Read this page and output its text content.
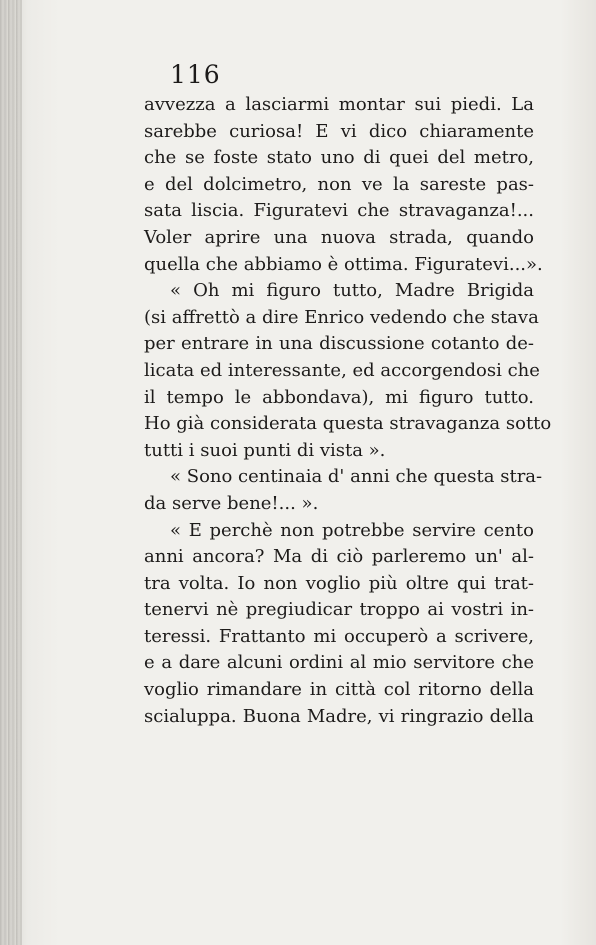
116
avvezza a lasciarmi montar sui piedi. La
sarebbe curiosa! E vi dico chiaramente
che se foste stato uno di quei del metro,
e del dolcimetro, non ve la sareste pas-
sata liscia. Figuratevi che stravaganza!...
Voler aprire una nuova strada, quando
quella che abbiamo è ottima. Figuratevi...».
« Oh mi figuro tutto, Madre Brigida
(si affrettò a dire Enrico vedendo che stava
per entrare in una discussione cotanto de-
licata ed interessante, ed accorgendosi che
il tempo le abbondava), mi figuro tutto.
Ho già considerata questa stravaganza sotto
tutti i suoi punti di vista ».
« Sono centinaia d' anni che questa stra-
da serve bene!... ».
« E perchè non potrebbe servire cento
anni ancora? Ma di ciò parleremo un' al-
tra volta. Io non voglio più oltre qui trat-
tenervi nè pregiudicar troppo ai vostri in-
teressi. Frattanto mi occuperò a scrivere,
e a dare alcuni ordini al mio servitore che
voglio rimandare in città col ritorno della
scialuppa. Buona Madre, vi ringrazio della
